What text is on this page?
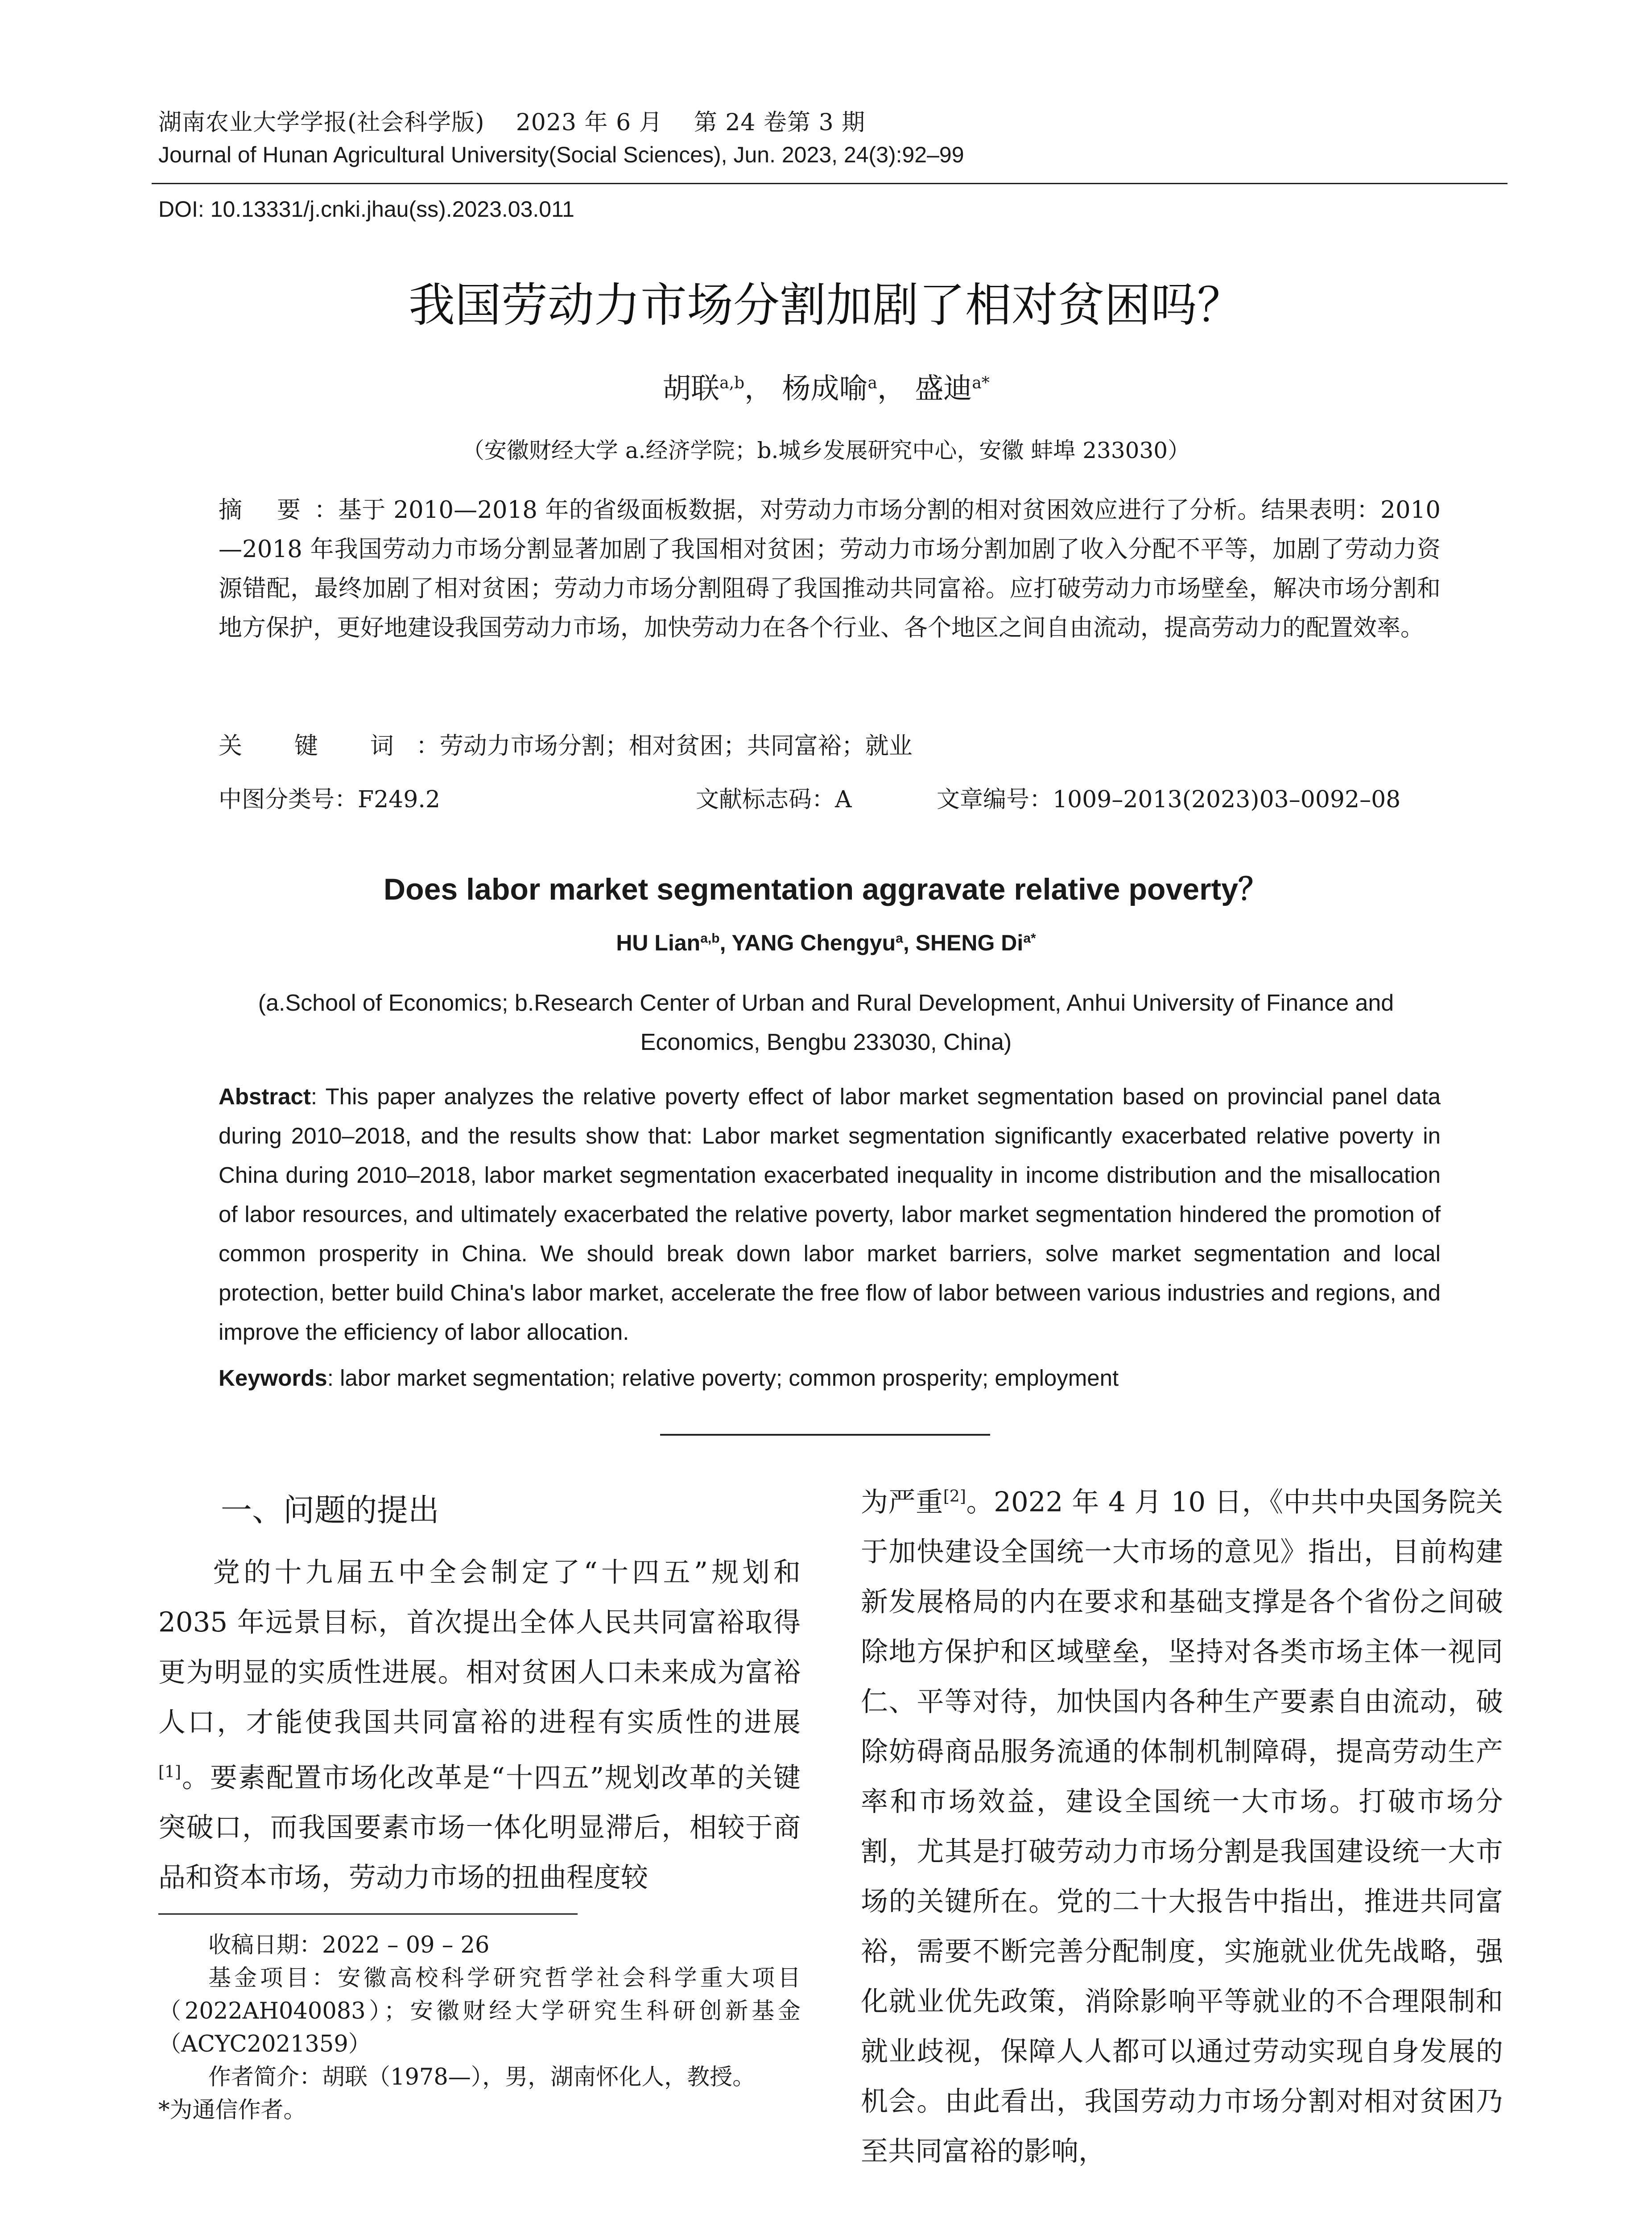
湖南农业大学学报(社会科学版)    2023 年 6 月    第 24 卷第 3 期
Journal of Hunan Agricultural University(Social Sciences), Jun. 2023, 24(3):92–99
DOI: 10.13331/j.cnki.jhau(ss).2023.03.011
我国劳动力市场分割加剧了相对贫困吗？
胡联$^{a,b}$， 杨成喻$^a$， 盛迪$^{a*}$
（安徽财经大学 a.经济学院；b.城乡发展研究中心，安徽 蚌埠 233030）
摘 要：基于 2010—2018 年的省级面板数据，对劳动力市场分割的相对贫困效应进行了分析。结果表明：2010—2018 年我国劳动力市场分割显著加剧了我国相对贫困；劳动力市场分割加剧了收入分配不平等，加剧了劳动力资源错配，最终加剧了相对贫困；劳动力市场分割阻碍了我国推动共同富裕。应打破劳动力市场壁垒，解决市场分割和地方保护，更好地建设我国劳动力市场，加快劳动力在各个行业、各个地区之间自由流动，提高劳动力的配置效率。
关 键 词：劳动力市场分割；相对贫困；共同富裕；就业
中图分类号：F249.2	文献标志码：A	文章编号：1009–2013(2023)03–0092–08
Does labor market segmentation aggravate relative poverty？
HU Lian$^{a,b}$, YANG Chengyu$^a$, SHENG $Di^{a*}$
(a.School of Economics; b.Research Center of Urban and Rural Development, Anhui University of Finance and
Economics, Bengbu 233030, China)
Abstract: This paper analyzes the relative poverty effect of labor market segmentation based on provincial panel data during 2010–2018, and the results show that: Labor market segmentation significantly exacerbated relative poverty in China during 2010–2018, labor market segmentation exacerbated inequality in income distribution and the misallocation of labor resources, and ultimately exacerbated the relative poverty, labor market segmentation hindered the promotion of common prosperity in China. We should break down labor market barriers, solve market segmentation and local protection, better build China's labor market, accelerate the free flow of labor between various industries and regions, and improve the efficiency of labor allocation.
Keywords: labor market segmentation; relative poverty; common prosperity; employment
一、问题的提出

党的十九届五中全会制定了“十四五”规划和 2035 年远景目标，首次提出全体人民共同富裕取得更为明显的实质性进展。相对贫困人口未来成为富裕人口，才能使我国共同富裕的进程有实质性的进展[1]。要素配置市场化改革是“十四五”规划改革的关键突破口，而我国要素市场一体化明显滞后，相较于商品和资本市场，劳动力市场的扭曲程度较

为严重[2]。2022 年 4 月 10 日，《中共中央国务院关于加快建设全国统一大市场的意见》指出，目前构建新发展格局的内在要求和基础支撑是各个省份之间破除地方保护和区域壁垒，坚持对各类市场主体一视同仁、平等对待，加快国内各种生产要素自由流动，破除妨碍商品服务流通的体制机制障碍，提高劳动生产率和市场效益，建设全国统一大市场。打破市场分割，尤其是打破劳动力市场分割是我国建设统一大市场的关键所在。党的二十大报告中指出，推进共同富裕，需要不断完善分配制度，实施就业优先战略，强化就业优先政策，消除影响平等就业的不合理限制和就业歧视，保障人人都可以通过劳动实现自身发展的机会。由此看出，我国劳动力市场分割对相对贫困乃至共同富裕的影响，

收稿日期：2022 – 09 – 26

基金项目：安徽高校科学研究哲学社会科学重大项目（2022AH040083）；安徽财经大学研究生科研创新基金（ACYC2021359）

作者简介：胡联（1978—），男，湖南怀化人，教授。

*为通信作者。
